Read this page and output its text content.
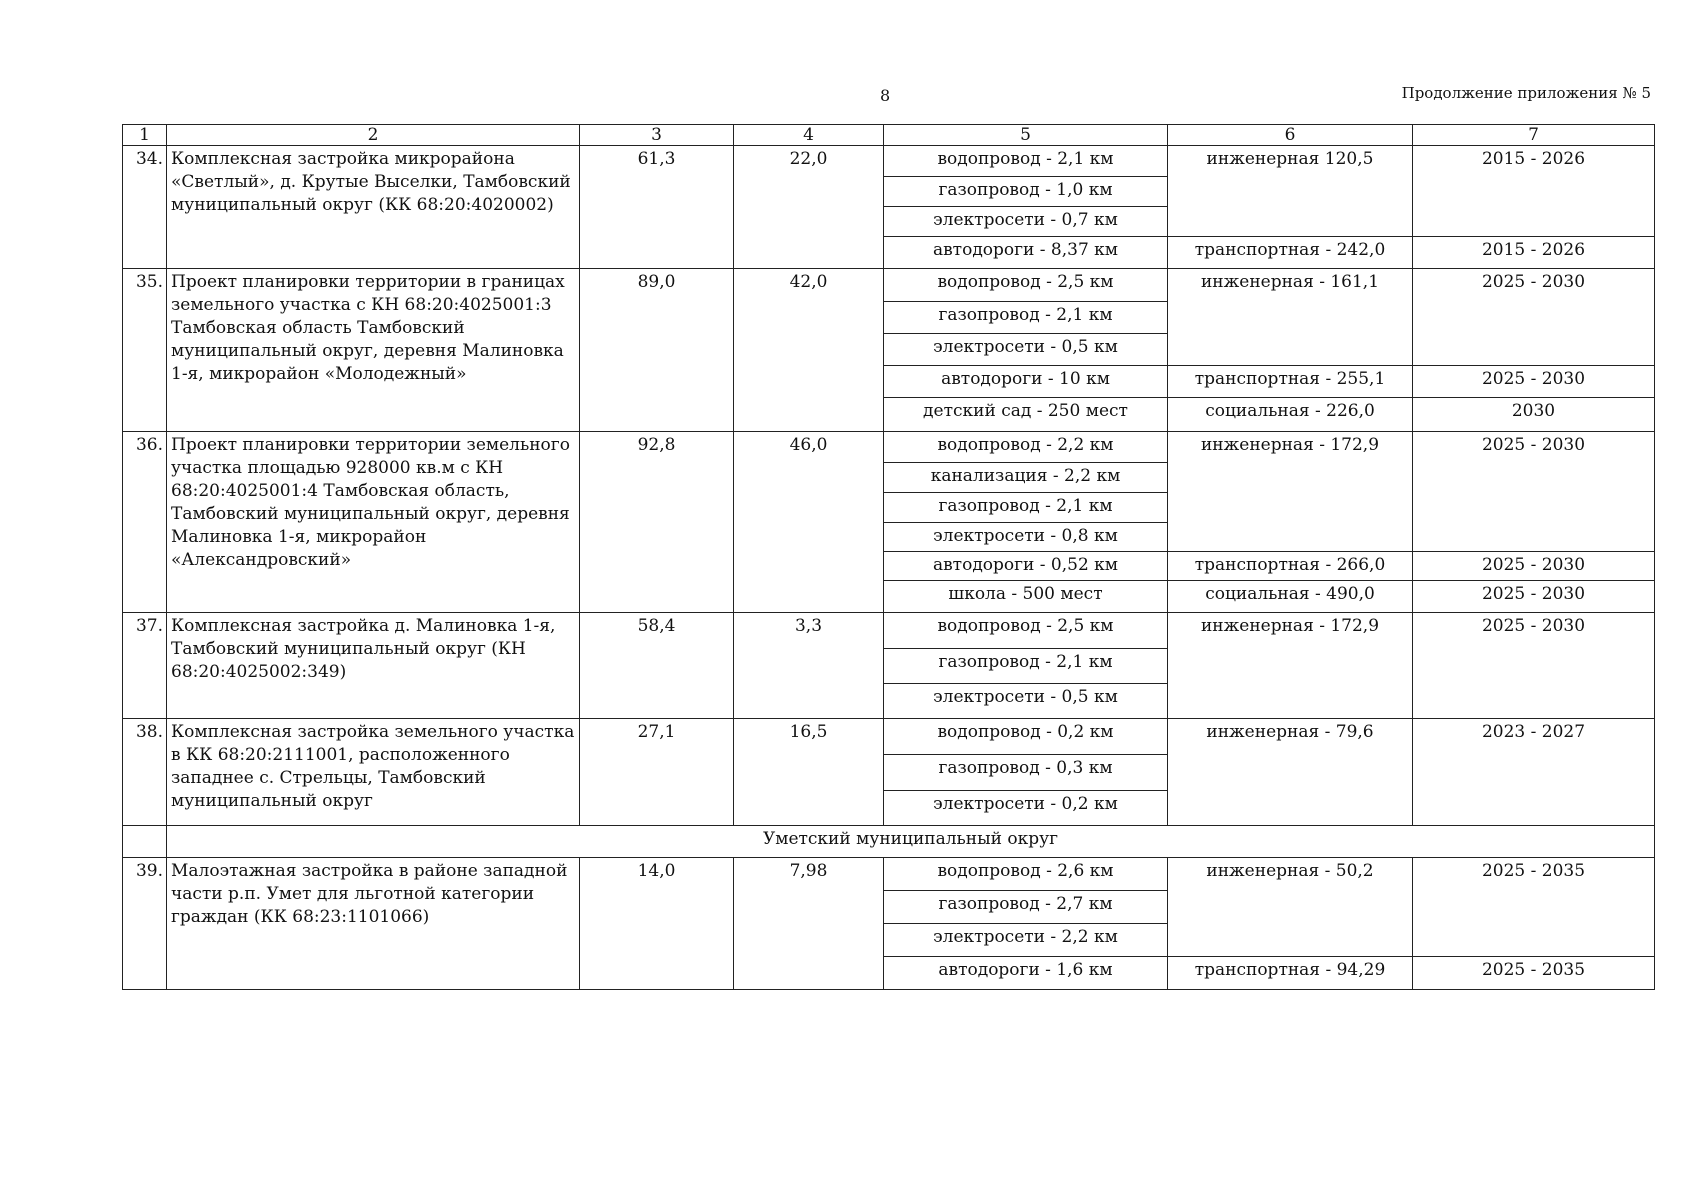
8	Продолжение приложения № 5
1	2	3	4	5	6	7
34.	Комплексная застройка микрорайона «Светлый», д. Крутые Выселки, Тамбовский муниципальный округ (КК 68:20:4020002)	61,3	22,0	водопровод - 2,1 км	инженерная 120,5	2015 - 2026
				газопровод - 1,0 км		
				электросети - 0,7 км		
				автодороги - 8,37 км	транспортная - 242,0	2015 - 2026
35.	Проект планировки территории в границах земельного участка с КН 68:20:4025001:3 Тамбовская область Тамбовский муниципальный округ, деревня Малиновка 1-я, микрорайон «Молодежный»	89,0	42,0	водопровод - 2,5 км	инженерная - 161,1	2025 - 2030
				газопровод - 2,1 км		
				электросети - 0,5 км		
				автодороги - 10 км	транспортная - 255,1	2025 - 2030
				детский сад - 250 мест	социальная - 226,0	2030
36.	Проект планировки территории земельного участка площадью 928000 кв.м с КН 68:20:4025001:4 Тамбовская область, Тамбовский муниципальный округ, деревня Малиновка 1-я, микрорайон «Александровский»	92,8	46,0	водопровод - 2,2 км	инженерная - 172,9	2025 - 2030
				канализация - 2,2 км		
				газопровод - 2,1 км		
				электросети - 0,8 км		
				автодороги - 0,52 км	транспортная - 266,0	2025 - 2030
				школа - 500 мест	социальная - 490,0	2025 - 2030
37.	Комплексная застройка д. Малиновка 1-я, Тамбовский муниципальный округ (КН 68:20:4025002:349)	58,4	3,3	водопровод - 2,5 км	инженерная - 172,9	2025 - 2030
				газопровод - 2,1 км		
				электросети - 0,5 км		
38.	Комплексная застройка земельного участка в КК 68:20:2111001, расположенного западнее с. Стрельцы, Тамбовский муниципальный округ	27,1	16,5	водопровод - 0,2 км	инженерная - 79,6	2023 - 2027
				газопровод - 0,3 км		
				электросети - 0,2 км		
	Уметский муниципальный округ					
39.	Малоэтажная застройка в районе западной части р.п. Умет для льготной категории граждан (КК 68:23:1101066)	14,0	7,98	водопровод - 2,6 км	инженерная - 50,2	2025 - 2035
				газопровод - 2,7 км		
				электросети - 2,2 км		
				автодороги - 1,6 км	транспортная - 94,29	2025 - 2035
